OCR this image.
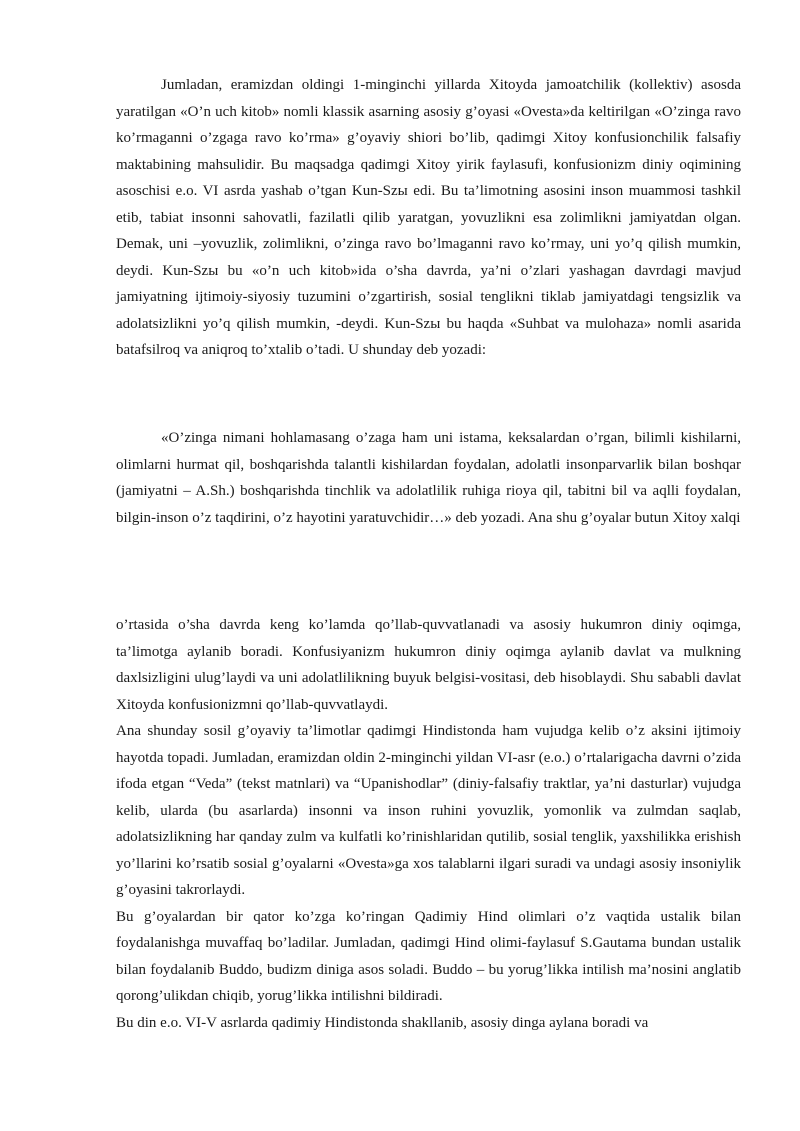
Jumladan, eramizdan oldingi 1-minginchi yillarda Xitoyda jamoatchilik (kollektiv) asosda yaratilgan «O’n uch kitob» nomli klassik asarning asosiy g’oyasi «Ovesta»da keltirilgan «O’zinga ravo ko’rmaganni o’zgaga ravo ko’rma» g’oyaviy shiori bo’lib, qadimgi Xitoy konfusionchilik falsafiy maktabining mahsulidir. Bu maqsadga qadimgi Xitoy yirik faylasufi, konfusionizm diniy oqimining asoschisi e.o. VI asrda yashab o’tgan Kun-Szы edi. Bu ta’limotning asosini inson muammosi tashkil etib, tabiat insonni sahovatli, fazilatli qilib yaratgan, yovuzlikni esa zolimlikni jamiyatdan olgan. Demak, uni –yovuzlik, zolimlikni, o’zinga ravo bo’lmaganni ravo ko’rmay, uni yo’q qilish mumkin, deydi. Kun-Szы bu «o’n uch kitob»ida o’sha davrda, ya’ni o’zlari yashagan davrdagi mavjud jamiyatning ijtimoiy-siyosiy tuzumini o’zgartirish, sosial tenglikni tiklab jamiyatdagi tengsizlik va adolatsizlikni yo’q qilish mumkin, -deydi. Kun-Szы bu haqda «Suhbat va mulohaza» nomli asarida batafsilroq va aniqroq to’xtalib o’tadi. U shunday deb yozadi:

«O’zinga nimani hohlamasang o’zaga ham uni istama, keksalardan o’rgan, bilimli kishilarni, olimlarni hurmat qil, boshqarishda talantli kishilardan foydalan, adolatli insonparvarlik bilan boshqar (jamiyatni – A.Sh.) boshqarishda tinchlik va adolatlilik ruhiga rioya qil, tabitni bil va aqlli foydalan, bilgin-inson o’z taqdirini, o’z hayotini yaratuvchidir…» deb yozadi. Ana shu g’oyalar butun Xitoy xalqi

o’rtasida o’sha davrda keng ko’lamda qo’llab-quvvatlanadi va asosiy hukumron diniy oqimga, ta’limotga aylanib boradi. Konfusiyanizm hukumron diniy oqimga aylanib davlat va mulkning daxlsizligini ulug’laydi va uni adolatlilikning buyuk belgisi-vositasi, deb hisoblaydi. Shu sababli davlat Xitoyda konfusionizmni qo’llab-quvvatlaydi.
Ana shunday sosil g’oyaviy ta’limotlar qadimgi Hindistonda ham vujudga kelib o’z aksini ijtimoiy hayotda topadi. Jumladan, eramizdan oldin 2-minginchi yildan VI-asr (e.o.) o’rtalarigacha davrni o’zida ifoda etgan “Veda” (tekst matnlari) va “Upanishodlar” (diniy-falsafiy traktlar, ya’ni dasturlar) vujudga kelib, ularda (bu asarlarda) insonni va inson ruhini yovuzlik, yomonlik va zulmdan saqlab, adolatsizlikning har qanday zulm va kulfatli ko’rinishlaridan qutilib, sosial tenglik, yaxshilikka erishish yo’llarini ko’rsatib sosial g’oyalarni «Ovesta»ga xos talablarni ilgari suradi va undagi asosiy insoniylik g’oyasini takrorlaydi.
Bu g’oyalardan bir qator ko’zga ko’ringan Qadimiy Hind olimlari o’z vaqtida ustalik bilan foydalanishga muvaffaq bo’ladilar. Jumladan, qadimgi Hind olimi-faylasuf S.Gautama bundan ustalik bilan foydalanib Buddo, budizm diniga asos soladi. Buddo – bu yorug’likka intilish ma’nosini anglatib qorong’ulikdan chiqib, yorug’likka intilishni bildiradi.
Bu din e.o. VI-V asrlarda qadimiy Hindistonda shakllanib, asosiy dinga aylana boradi va
